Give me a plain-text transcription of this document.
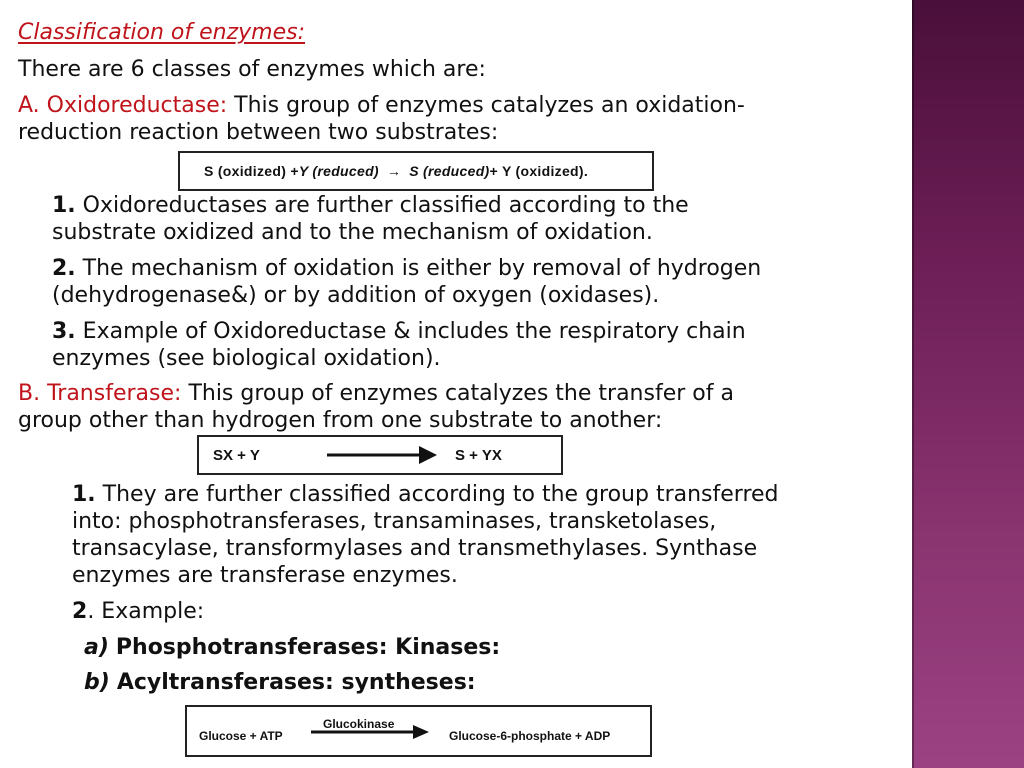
Classification of enzymes:
There are 6 classes of enzymes which are:
A. Oxidoreductase: This group of enzymes catalyzes an oxidation-
reduction reaction between two substrates:
S (oxidized) + Y (reduced) → S (reduced) + Y (oxidized).
1. Oxidoreductases are further classified according to the
substrate oxidized and to the mechanism of oxidation.
2. The mechanism of oxidation is either by removal of hydrogen
(dehydrogenase&) or by addition of oxygen (oxidases).
3. Example of Oxidoreductase & includes the respiratory chain
enzymes (see biological oxidation).
B. Transferase: This group of enzymes catalyzes the transfer of a
group other than hydrogen from one substrate to another:
SX + Y	S + YX
1. They are further classified according to the group transferred
into: phosphotransferases, transaminases, transketolases,
transacylase, transformylases and transmethylases. Synthase
enzymes are transferase enzymes.
2. Example:
a) Phosphotransferases: Kinases:
b) Acyltransferases: syntheses:
Glucose + ATP
Glucokinase
Glucose-6-phosphate + ADP
